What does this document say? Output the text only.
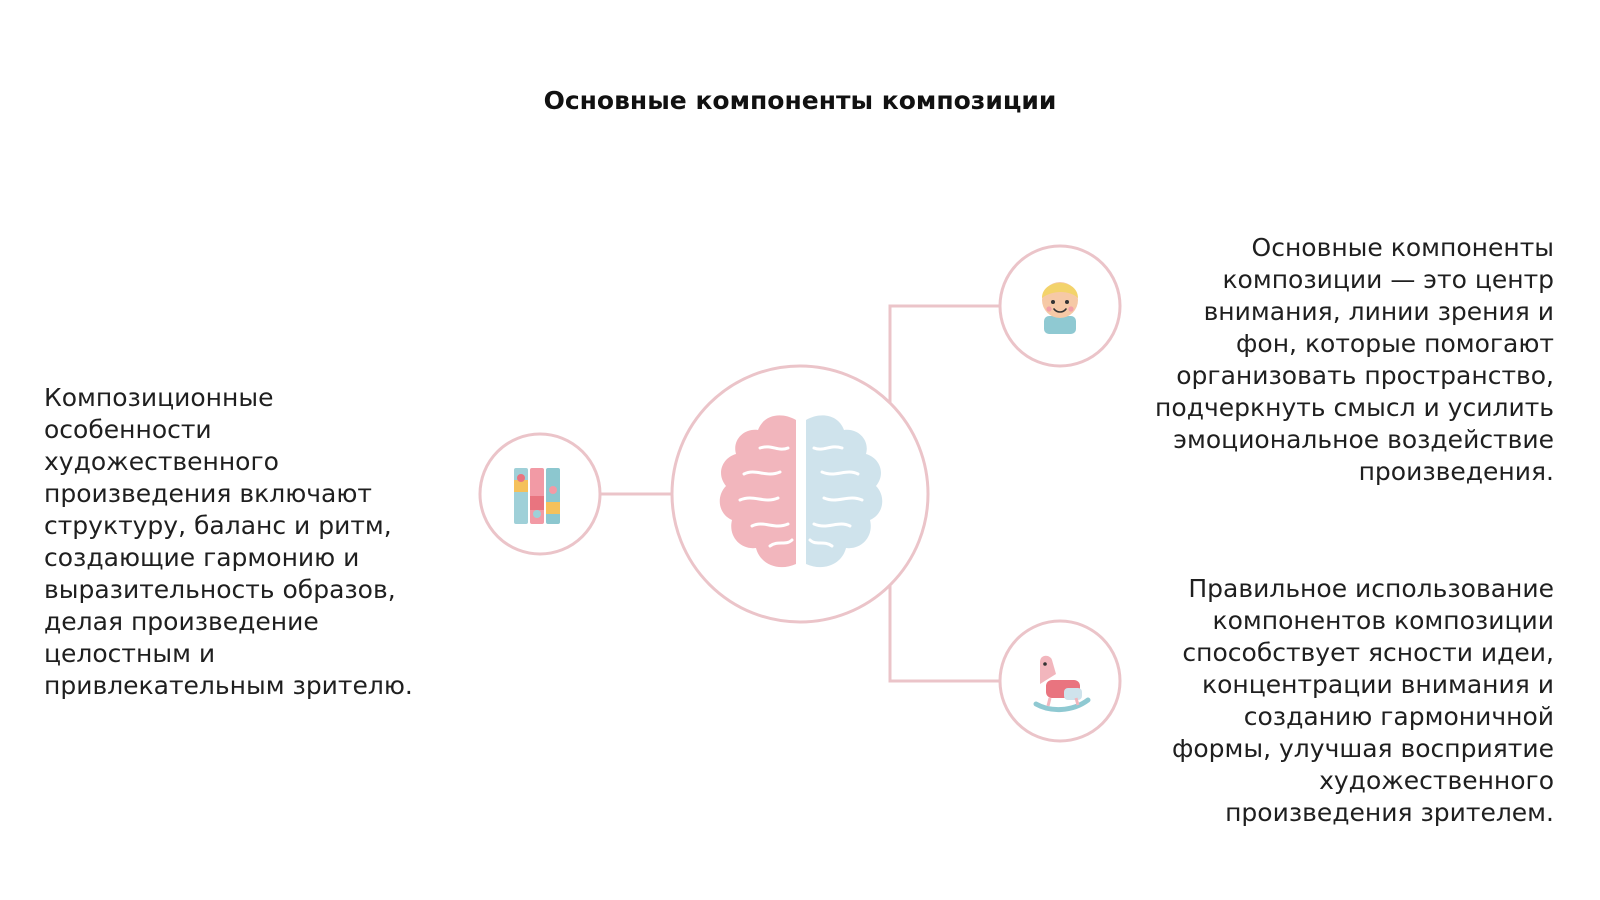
Основные компоненты композиции

Композиционные особенности художественного произведения включают структуру, баланс и ритм, создающие гармонию и выразительность образов, делая произведение целостным и привлекательным зрителю.

Основные компоненты композиции — это центр внимания, линии зрения и фон, которые помогают организовать пространство, подчеркнуть смысл и усилить эмоциональное воздействие произведения.

Правильное использование компонентов композиции способствует ясности идеи, концентрации внимания и созданию гармоничной формы, улучшая восприятие художественного произведения зрителем.
